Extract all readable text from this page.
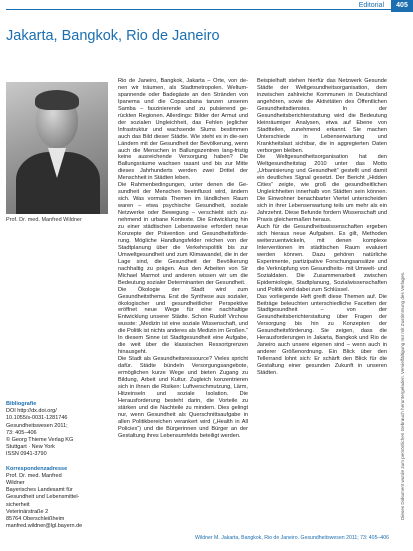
Editorial	405
Jakarta, Bangkok, Rio de Janeiro
Prof. Dr. med. Manfred Wildner

Bibliografie

DOI http://dx.doi.org/

10.1055/s-0031-1281746

Gesundheitswesen 2011;

73: 405–406

© Georg Thieme Verlag KG

Stuttgart · New York

ISSN 0941-3790

Korrespondenzadresse

Prof. Dr. med. Manfred

Wildner

Bayerisches Landesamt für

Gesundheit und Lebensmittel-

sicherheit

Veterinärstraße 2

85764 Oberschleißheim

manfred.wildner@lgl.bayern.de

Rio de Janeiro, Bangkok, Jakarta – Orte, von de-nen wir träumen, als Stadtmetropolen. Weltum-spannende oder Badegäste an den Stränden von Ipanema und die Copacabana tanzen unseren Samba – faszinierende und zu pulsierend ge-rückten Regionen. Allerdings: Bilder der Armut und der sozialen Ungleichheit, das Fehlen jeglicher Infrastruktur und wachsende Slums bestimmen auch das Bild dieser Städte. Wie steht es in die-sen Ländern mit der Gesundheit der Bevölkerung, wenn auch die Menschen in Ballungszentren lang-fristig keine ausreichende Versorgung haben? Die Ballungsräume wachsen rasant und bis zur Mitte dieses Jahrhunderts werden zwei Drittel der Menschheit in Städten leben.

Die Rahmenbedingungen, unter denen die Ge-sundheit der Menschen beeinflusst wird, ändern sich. Was vormals Themen im ländlichen Raum waren – etwa psychische Gesundheit, soziale Netzwerke oder Bewegung – verschiebt sich zu-nehmend in urbane Kontexte. Die Entwicklung hin zu einer städtischen Lebensweise erfordert neue Konzepte der Prävention und Gesundheitsförde-rung. Mögliche Handlungsfelder reichen von der Stadtplanung über die Verkehrspolitik bis zur Umweltgesundheit und zum Klimawandel, die in der Lage sind, die Gesundheit der Bevölkerung nachhaltig zu prägen. Aus den Arbeiten von Sir Michael Marmot und anderen wissen wir um die Bedeutung sozialer Determinanten der Gesundheit.

Die Ökologie der Stadt wird zum Gesundheitsthema. Erst die Synthese aus sozialer, ökologischer und gesundheitlicher Perspektive eröffnet neue Wege für eine nachhaltige Entwicklung unserer Städte. Schon Rudolf Virchow wusste: „Medizin ist eine soziale Wissenschaft, und die Politik ist nichts anderes als Medizin im Großen.“ In diesem Sinne ist Stadtgesundheit eine Aufgabe, die weit über die klassischen Ressortgrenzen hinausgeht.

Die Stadt als Gesundheitsressource? Vieles spricht dafür. Städte bündeln Versorgungsangebote, ermöglichen kurze Wege und bieten Zugang zu Bildung, Arbeit und Kultur. Zugleich konzentrieren sich in ihnen die Risiken: Luftverschmutzung, Lärm, Hitzeinseln und soziale Isolation. Die Herausforderung besteht darin, die Vorteile zu stärken und die Nachteile zu mindern. Dies gelingt nur, wenn Gesundheit als Querschnittsaufgabe in allen Politikbereichen verankert wird („Health in All Policies“) und die Bürgerinnen und Bürger an der Gestaltung ihres Lebensumfelds beteiligt werden.

Beispielhaft stehen hierfür das Netzwerk Gesunde Städte der Weltgesundheitsorganisation, dem inzwischen zahlreiche Kommunen in Deutschland angehören, sowie die Aktivitäten des Öffentlichen Gesundheitsdienstes. In der Gesundheitsberichterstattung wird die Bedeutung kleinräumiger Analysen, etwa auf Ebene von Stadtteilen, zunehmend erkannt. Sie machen Unterschiede in Lebenserwartung und Krankheitslast sichtbar, die in aggregierten Daten verborgen bleiben.

Die Weltgesundheitsorganisation hat den Weltgesundheitstag 2010 unter das Motto „Urbanisierung und Gesundheit“ gestellt und damit ein deutliches Signal gesetzt. Der Bericht „Hidden Cities“ zeigte, wie groß die gesundheitlichen Ungleichheiten innerhalb von Städten sein können. Die Einwohner benachbarter Viertel unterscheiden sich in ihrer Lebenserwartung teils um mehr als ein Jahrzehnt. Diese Befunde fordern Wissenschaft und Praxis gleichermaßen heraus.

Auch für die Gesundheitswissenschaften ergeben sich hieraus neue Aufgaben. Es gilt, Methoden weiterzuentwickeln, mit denen komplexe Interventionen im städtischen Raum evaluiert werden können. Dazu gehören natürliche Experimente, partizipative Forschungsansätze und die Verknüpfung von Gesundheits- mit Umwelt- und Sozialdaten. Die Zusammenarbeit zwischen Epidemiologie, Stadtplanung, Sozialwissenschaften und Politik wird dabei zum Schlüssel.

Das vorliegende Heft greift diese Themen auf. Die Beiträge beleuchten unterschiedliche Facetten der Stadtgesundheit – von der Gesundheitsberichterstattung über Fragen der Versorgung bis hin zu Konzepten der Gesundheitsförderung. Sie zeigen, dass die Herausforderungen in Jakarta, Bangkok und Rio de Janeiro auch unsere eigenen sind – wenn auch in anderer Größenordnung. Ein Blick über den Tellerrand lohnt sich: Er schärft den Blick für die Gestaltung einer gesunden Zukunft in unseren Städten.	Dieses Dokument wurde zum persönlichen Gebrauch heruntergeladen. Vervielfältigung nur mit Zustimmung des Verlages.
Wildner M. Jakarta, Bangkok, Rio de Janeiro. Gesundheitswesen 2011; 73: 405–406
